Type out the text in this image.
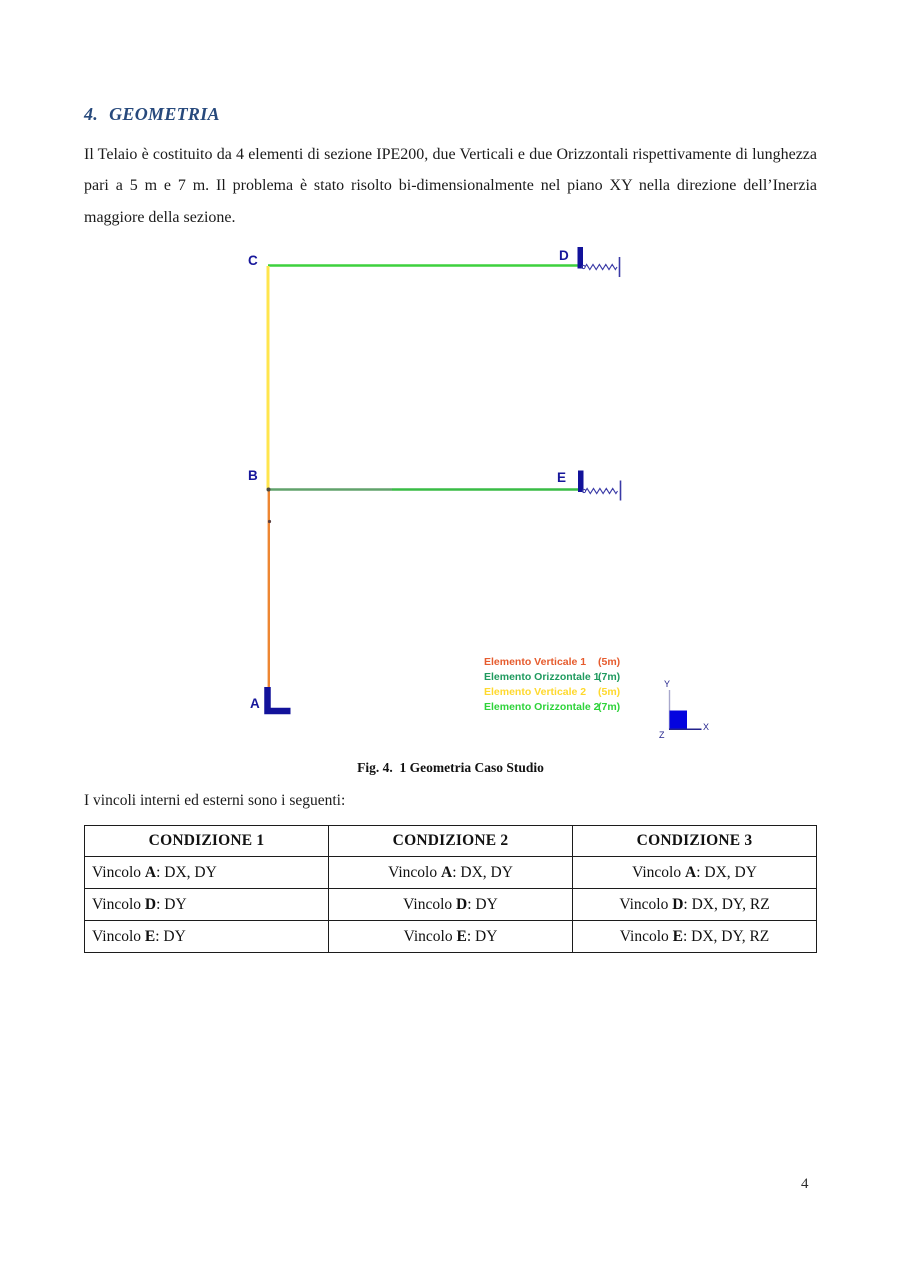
4. GEOMETRIA

Il Telaio è costituito da 4 elementi di sezione IPE200, due Verticali e due Orizzontali rispettivamente di lunghezza pari a 5 m e 7 m. Il problema è stato risolto bi-dimensionalmente nel piano XY nella direzione dell’Inerzia maggiore della sezione.

C	D
B	E
A
Elemento Verticale 1	(5m)
Elemento Orizzontale 1
(7m)
Elemento Verticale 2	(5m)
Elemento Orizzontale 2
(7m)
Y
X
Z
Fig. 4.  1 Geometria Caso Studio
I vincoli interni ed esterni sono i seguenti:
CONDIZIONE 1	CONDIZIONE 2	CONDIZIONE 3
Vincolo A: DX, DY	Vincolo A: DX, DY	Vincolo A: DX, DY
Vincolo D: DY	Vincolo D: DY	Vincolo D: DX, DY, RZ
Vincolo E: DY	Vincolo E: DY	Vincolo E: DX, DY, RZ
4
